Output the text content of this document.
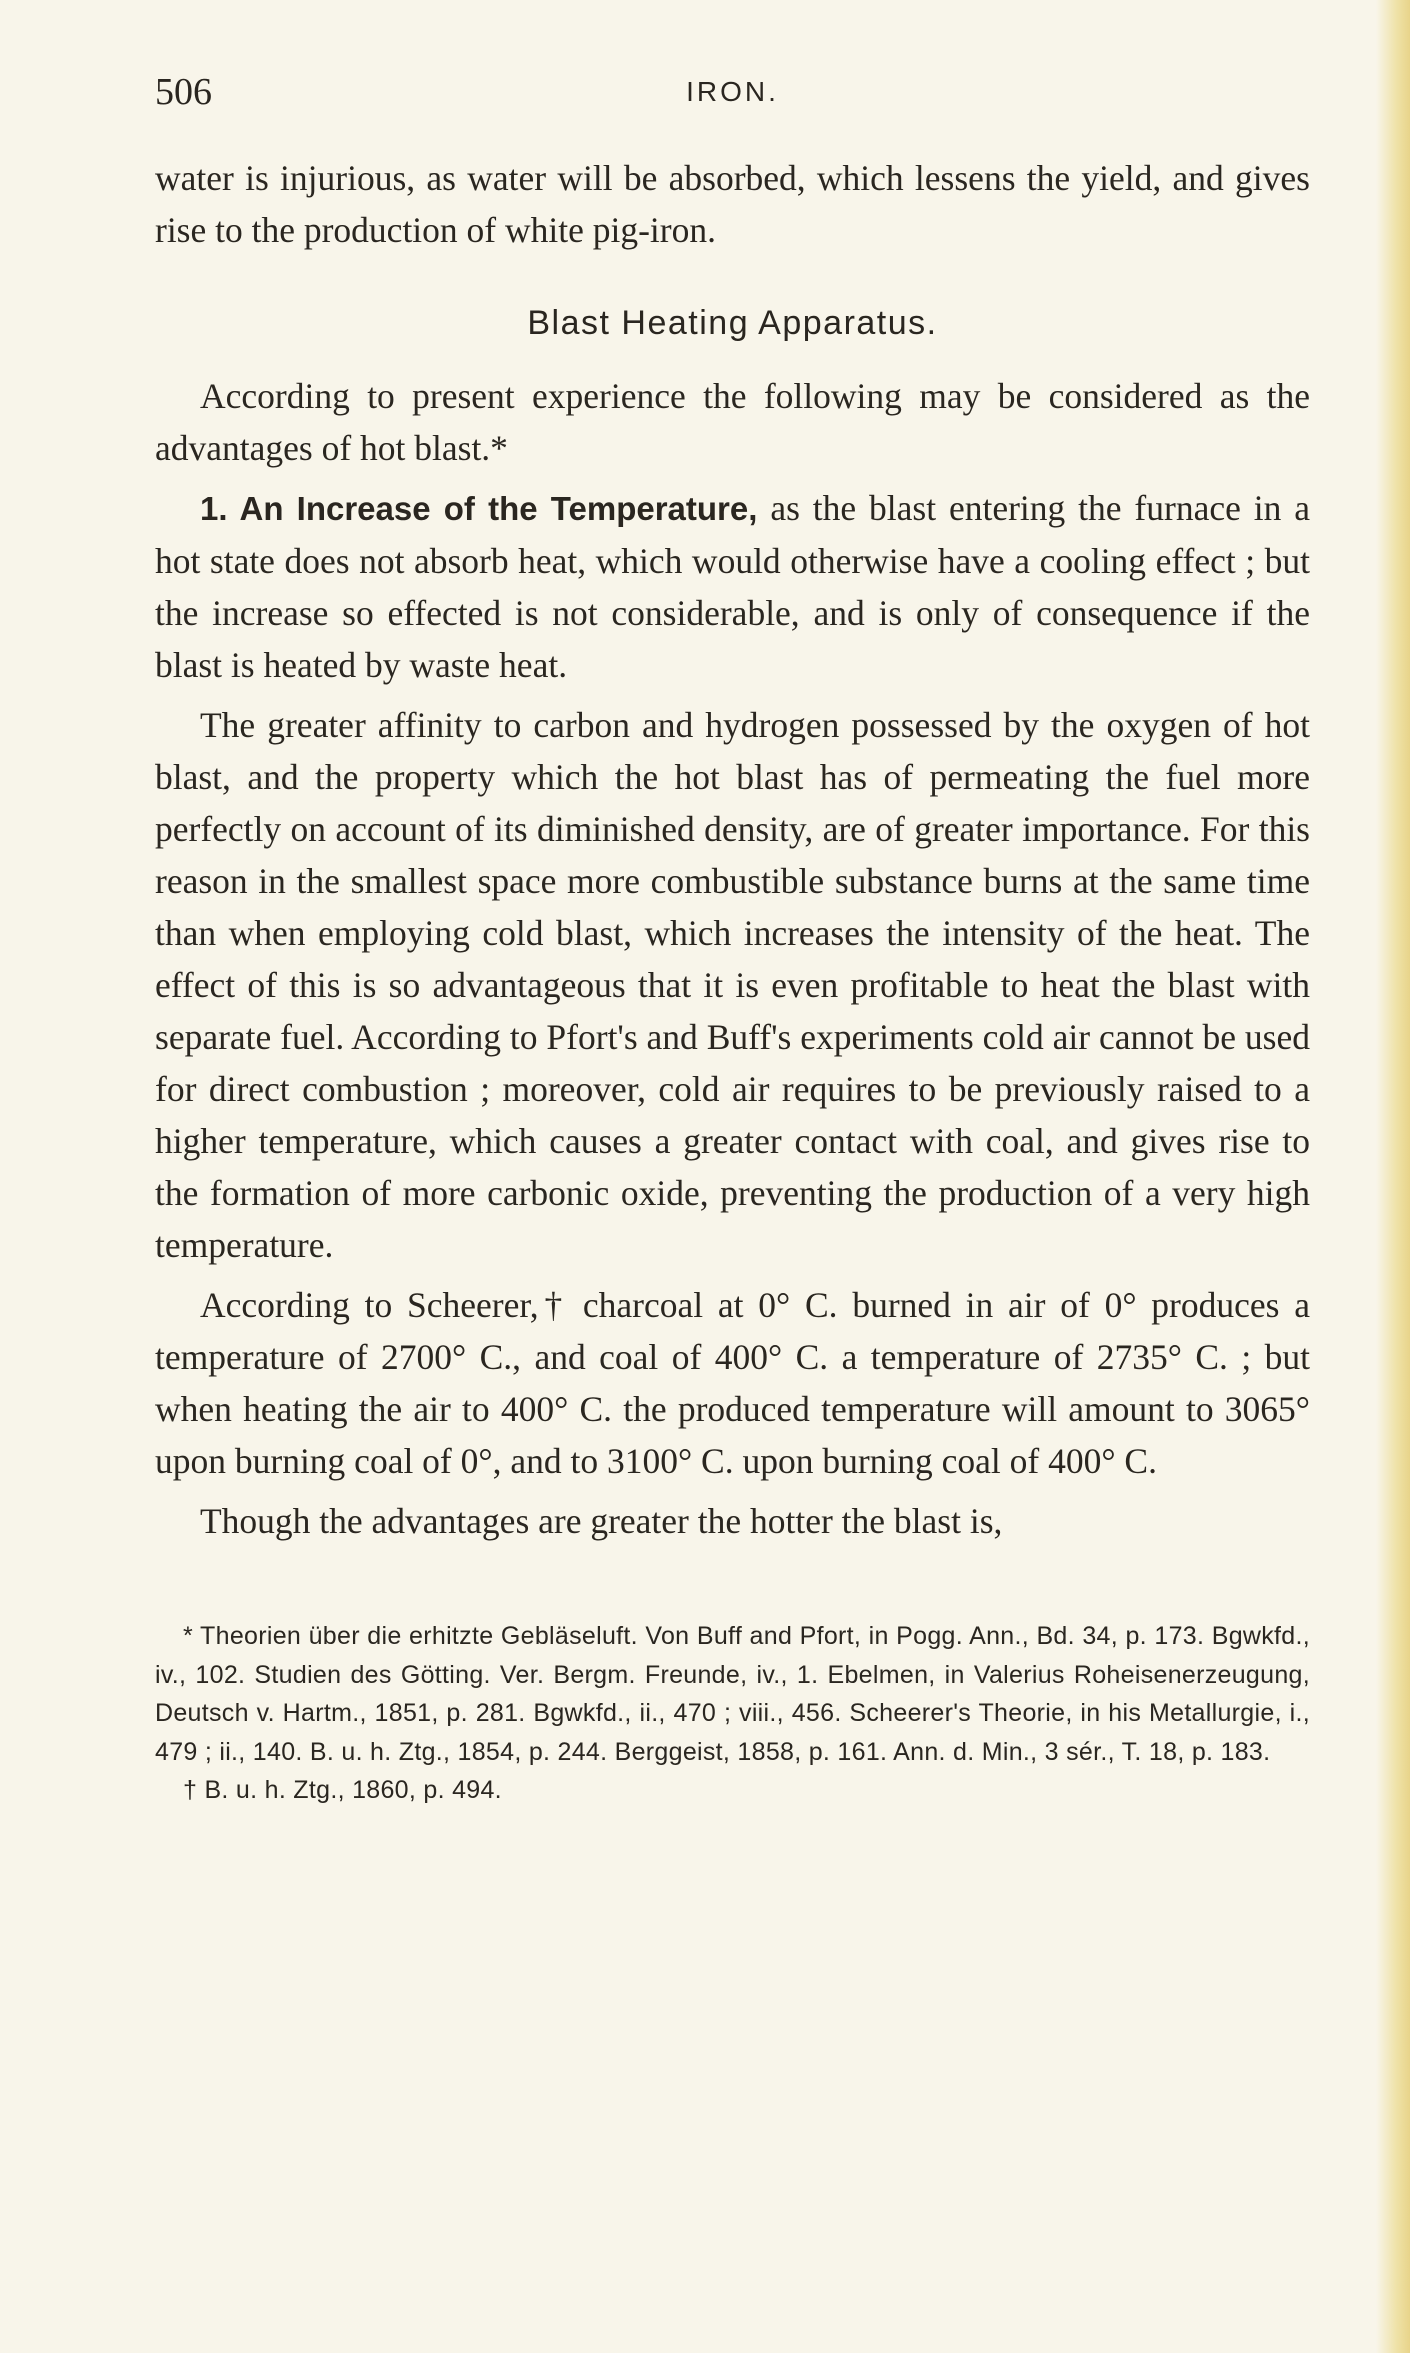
506	IRON.

water is injurious, as water will be absorbed, which lessens the yield, and gives rise to the production of white pig-iron.

Blast Heating Apparatus.

According to present experience the following may be considered as the advantages of hot blast.*

1. An Increase of the Temperature, as the blast entering the furnace in a hot state does not absorb heat, which would otherwise have a cooling effect ; but the increase so effected is not considerable, and is only of consequence if the blast is heated by waste heat.

The greater affinity to carbon and hydrogen possessed by the oxygen of hot blast, and the property which the hot blast has of permeating the fuel more perfectly on account of its diminished density, are of greater importance. For this reason in the smallest space more combustible substance burns at the same time than when employing cold blast, which increases the intensity of the heat. The effect of this is so advantageous that it is even profitable to heat the blast with separate fuel. According to Pfort's and Buff's experiments cold air cannot be used for direct combustion ; moreover, cold air requires to be previously raised to a higher temperature, which causes a greater contact with coal, and gives rise to the formation of more carbonic oxide, preventing the production of a very high temperature.

According to Scheerer,† charcoal at 0° C. burned in air of 0° produces a temperature of 2700° C., and coal of 400° C. a temperature of 2735° C. ; but when heating the air to 400° C. the produced temperature will amount to 3065° upon burning coal of 0°, and to 3100° C. upon burning coal of 400° C.

Though the advantages are greater the hotter the blast is,

* Theorien über die erhitzte Gebläseluft. Von Buff and Pfort, in Pogg. Ann., Bd. 34, p. 173. Bgwkfd., iv., 102. Studien des Götting. Ver. Bergm. Freunde, iv., 1. Ebelmen, in Valerius Roheisenerzeugung, Deutsch v. Hartm., 1851, p. 281. Bgwkfd., ii., 470 ; viii., 456. Scheerer's Theorie, in his Metallurgie, i., 479 ; ii., 140. B. u. h. Ztg., 1854, p. 244. Berggeist, 1858, p. 161. Ann. d. Min., 3 sér., T. 18, p. 183.

† B. u. h. Ztg., 1860, p. 494.
